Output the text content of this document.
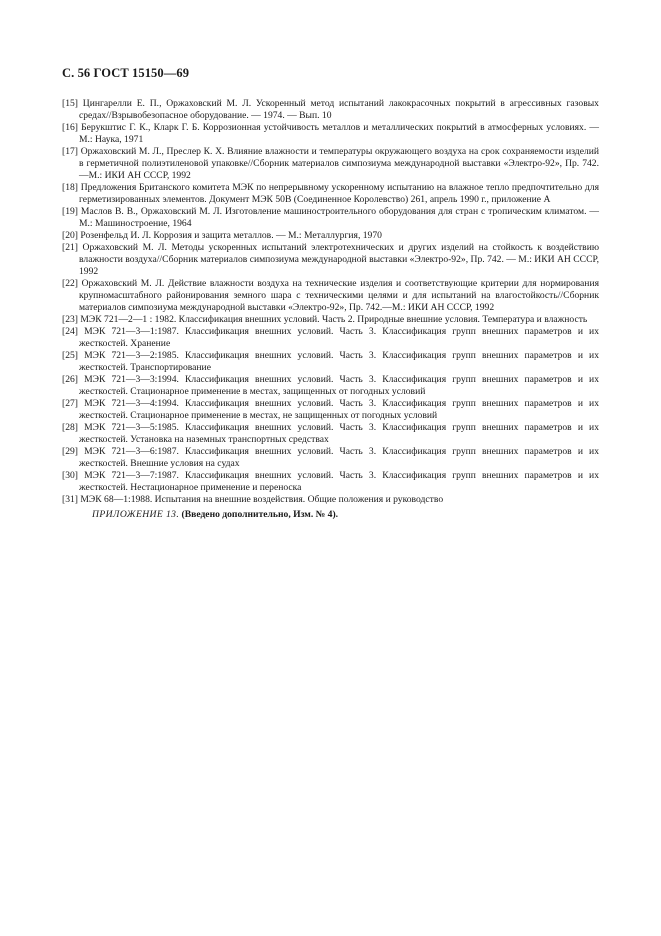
С. 56 ГОСТ 15150—69

[15] Цингарелли Е. П., Оржаховский М. Л. Ускоренный метод испытаний лакокрасочных покрытий в агрессивных газовых средах//Взрывобезопасное оборудование. — 1974. — Вып. 10

[16] Берукштис Г. К., Кларк Г. Б. Коррозионная устойчивость металлов и металлических покрытий в атмосферных условиях. — М.: Наука, 1971

[17] Оржаховский М. Л., Преслер К. Х. Влияние влажности и температуры окружающего воздуха на срок сохраняемости изделий в герметичной полиэтиленовой упаковке//Сборник материалов симпозиума международной выставки «Электро-92», Пр. 742.—М.: ИКИ АН СССР, 1992

[18] Предложения Британского комитета МЭК по непрерывному ускоренному испытанию на влажное тепло предпочтительно для герметизированных элементов. Документ МЭК 50В (Соединенное Королевство) 261, апрель 1990 г., приложение А

[19] Маслов В. В., Оржаховский М. Л. Изготовление машиностроительного оборудования для стран с тропическим климатом. — М.: Машиностроение, 1964

[20] Розенфельд И. Л. Коррозия и защита металлов. — М.: Металлургия, 1970

[21] Оржаховский М. Л. Методы ускоренных испытаний электротехнических и других изделий на стойкость к воздействию влажности воздуха//Сборник материалов симпозиума международной выставки «Электро-92», Пр. 742. — М.: ИКИ АН СССР, 1992

[22] Оржаховский М. Л. Действие влажности воздуха на технические изделия и соответствующие критерии для нормирования крупномасштабного районирования земного шара с техническими целями и для испытаний на влагостойкость//Сборник материалов симпозиума международной выставки «Электро-92», Пр. 742.—М.: ИКИ АН СССР, 1992

[23] МЭК 721—2—1 : 1982. Классификация внешних условий. Часть 2. Природные внешние условия. Температура и влажность

[24] МЭК 721—3—1:1987. Классификация внешних условий. Часть 3. Классификация групп внешних параметров и их жесткостей. Хранение

[25] МЭК 721—3—2:1985. Классификация внешних условий. Часть 3. Классификация групп внешних параметров и их жесткостей. Транспортирование

[26] МЭК 721—3—3:1994. Классификация внешних условий. Часть 3. Классификация групп внешних параметров и их жесткостей. Стационарное применение в местах, защищенных от погодных условий

[27] МЭК 721—3—4:1994. Классификация внешних условий. Часть 3. Классификация групп внешних параметров и их жесткостей. Стационарное применение в местах, не защищенных от погодных условий

[28] МЭК 721—3—5:1985. Классификация внешних условий. Часть 3. Классификация групп внешних параметров и их жесткостей. Установка на наземных транспортных средствах

[29] МЭК 721—3—6:1987. Классификация внешних условий. Часть 3. Классификация групп внешних параметров и их жесткостей. Внешние условия на судах

[30] МЭК 721—3—7:1987. Классификация внешних условий. Часть 3. Классификация групп внешних параметров и их жесткостей. Нестационарное применение и переноска

[31] МЭК 68—1:1988. Испытания на внешние воздействия. Общие положения и руководство

ПРИЛОЖЕНИЕ 13. (Введено дополнительно, Изм. № 4).
